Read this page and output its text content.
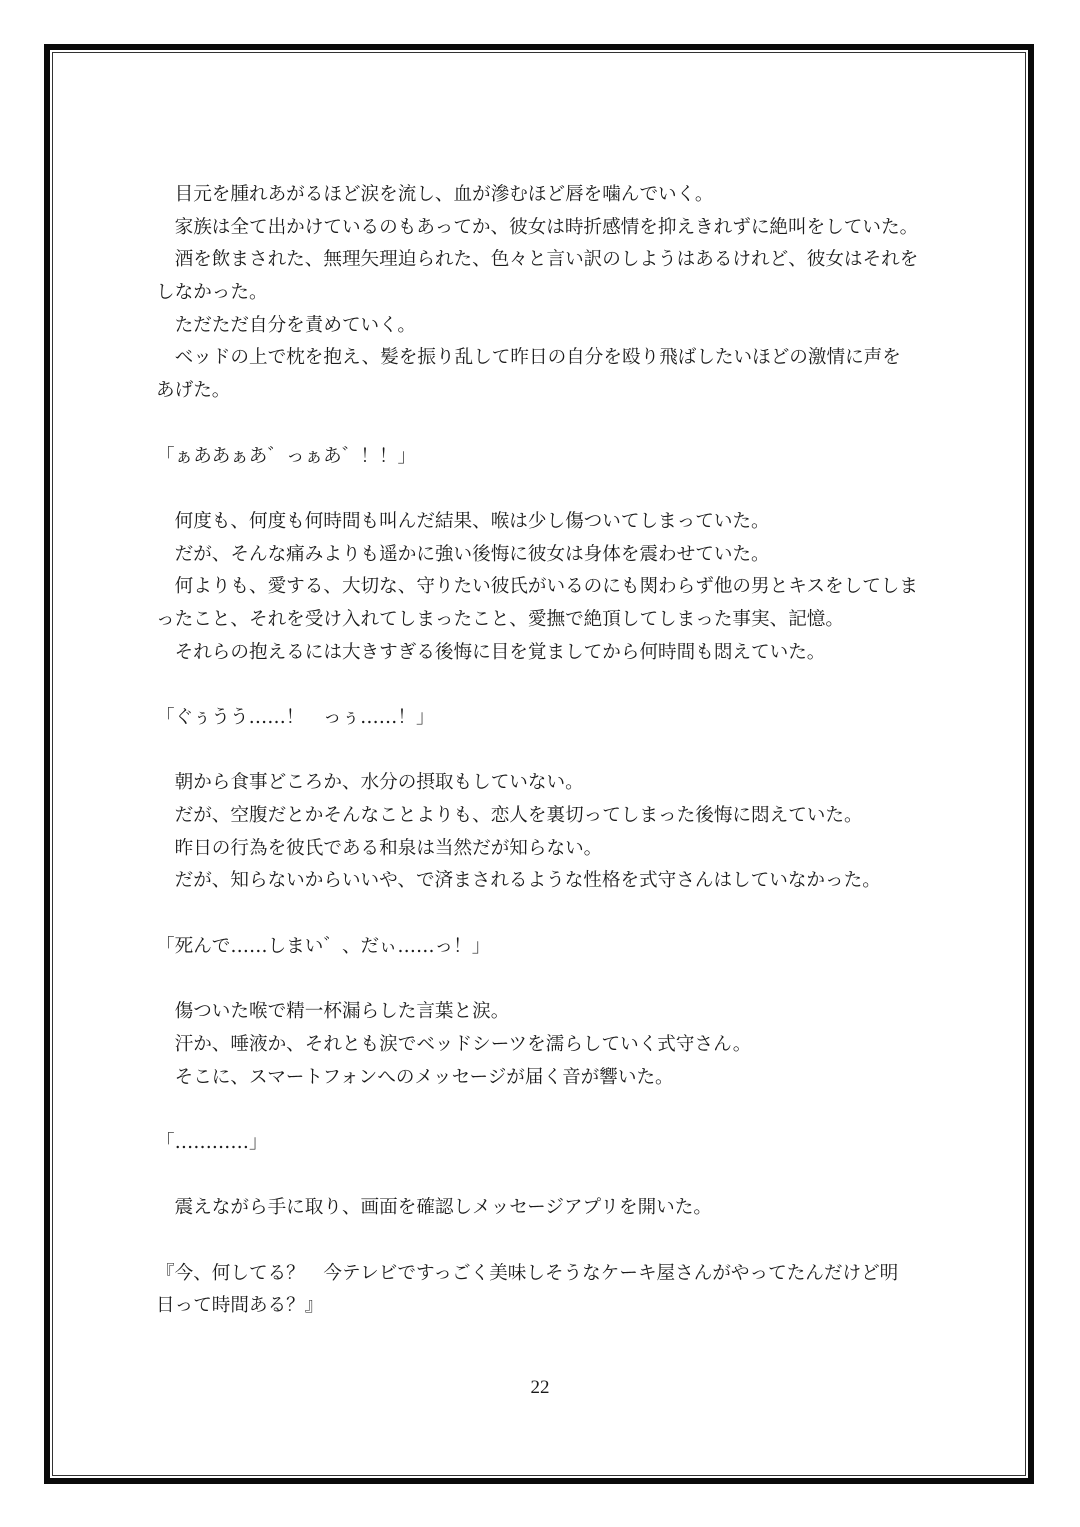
　目元を腫れあがるほど涙を流し、血が滲むほど唇を噛んでいく。
　家族は全て出かけているのもあってか、彼女は時折感情を抑えきれずに絶叫をしていた。
　酒を飲まされた、無理矢理迫られた、色々と言い訳のしようはあるけれど、彼女はそれを
しなかった。
　ただただ自分を責めていく。
　ベッドの上で枕を抱え、髪を振り乱して昨日の自分を殴り飛ばしたいほどの激情に声を
あげた。
「ぁああぁあ゛っぁあ゛！！」
　何度も、何度も何時間も叫んだ結果、喉は少し傷ついてしまっていた。
　だが、そんな痛みよりも遥かに強い後悔に彼女は身体を震わせていた。
　何よりも、愛する、大切な、守りたい彼氏がいるのにも関わらず他の男とキスをしてしま
ったこと、それを受け入れてしまったこと、愛撫で絶頂してしまった事実、記憶。
　それらの抱えるには大きすぎる後悔に目を覚ましてから何時間も悶えていた。
「ぐぅうう……！　っぅ……！」
　朝から食事どころか、水分の摂取もしていない。
　だが、空腹だとかそんなことよりも、恋人を裏切ってしまった後悔に悶えていた。
　昨日の行為を彼氏である和泉は当然だが知らない。
　だが、知らないからいいや、で済まされるような性格を式守さんはしていなかった。
「死んで……しまい゛、だぃ……っ！」
　傷ついた喉で精一杯漏らした言葉と涙。
　汗か、唾液か、それとも涙でベッドシーツを濡らしていく式守さん。
　そこに、スマートフォンへのメッセージが届く音が響いた。
「…………」
　震えながら手に取り、画面を確認しメッセージアプリを開いた。
『今、何してる？　今テレビですっごく美味しそうなケーキ屋さんがやってたんだけど明
日って時間ある？』
22
